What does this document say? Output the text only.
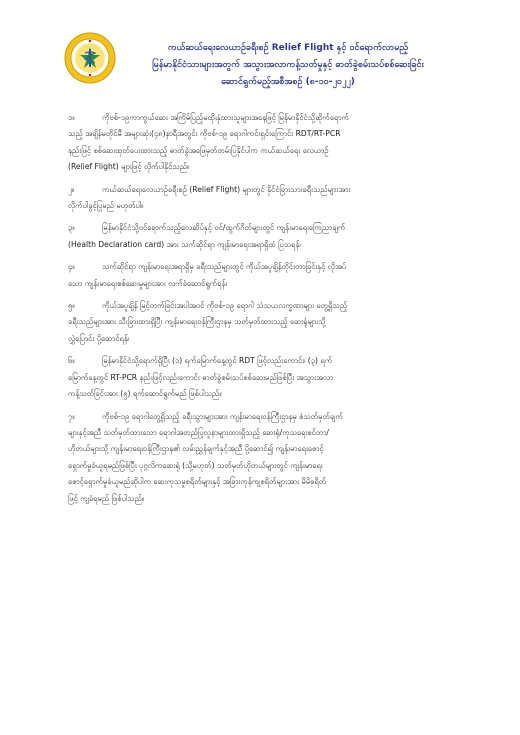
ကယ်ဆယ်ရေးလေယာဉ်ခရီးစဉ် Relief Flight နှင့် ဝင်ရောက်လာမည့်
မြန်မာနိုင်ငံသားများအတွက် အသွားအလာကန့်သတ်မှုနှင့် ဓာတ်ခွဲစမ်းသပ်စစ်ဆေးခြင်း
ဆောင်ရွက်မည့်အစီအစဉ် (၈-၁၀-၂၀၂၂)
၁။	ကိုဗစ်-၁၉ကာကွယ်ဆေး အကြိမ်ပြည့်မထိုးနှံထားသူများအနေဖြင့် မြန်မာနိုင်ငံသို့ဆိုက်ရောက်
သည့် အချိန်မတိုင်မီ အများဆုံး(၄၈)နာရီအတွင်း ကိုဗစ်-၁၉ ရောဂါကင်းရှင်းကြောင်း RDT/RT-PCR
နည်းဖြင့် စစ်ဆေးထုတ်ပေးထားသည့် ဓာတ်ခွဲအဖြေမှတ်တမ်းပြနိုင်ပါက ကယ်ဆယ်ရေး လေယာဉ်
(Relief Flight) များဖြင့် လိုက်ပါနိုင်သည်။
၂။	ကယ်ဆယ်ရေးလေယာဉ်ခရီးစဉ် (Relief Flight) များတွင် နိုင်ငံခြားသားခရီးသည်များအား
လိုက်ပါခွင့်ပြုမည် မဟုတ်ပါ။
၃။	မြန်မာနိုင်ငံသို့ဝင်ရောက်သည့်လေဆိပ်နှင့် ဝင်/ထွက်ဂိတ်များတွင် ကျန်းမာရေးကြေညာချက်
(Health Declaration card) အား သက်ဆိုင်ရာ ကျန်းမာရေးအရာရှိထံ ပြသရန်၊
၄။	သက်ဆိုင်ရာ ကျန်းမာရေးအရာရှိမှ ခရီးသည်များတွင် ကိုယ်အပူချိန်တိုင်းတာခြင်းနှင့် လိုအပ်
သော ကျန်းမာရေးစစ်ဆေးမှုများအား လက်ခံဆောင်ရွက်ရန်၊
၅။	ကိုယ်အပူချိန် မြင့်တက်ခြင်းအပါအဝင် ကိုဗစ်-၁၉ ရောဂါ သံသယလက္ခဏာများ တွေ့ရှိသည့်
ခရီးသည်များအား သီးခြားထားရှိပြီး ကျန်းမာရေးဝန်ကြီးဌာနမှ သတ်မှတ်ထားသည့် ဆေးရုံများသို့
လွှဲပြောင်း ပို့ဆောင်ရန်၊
၆။	မြန်မာနိုင်ငံသို့ရောက်ရှိပြီး (၁) ရက်မြောက်နေ့တွင် RDT ဖြင့်လည်းကောင်း၊ (၃) ရက်
မြောက်နေ့တွင် RT-PCR နည်းဖြင့်လည်းကောင်း ဓာတ်ခွဲစမ်းသပ်စစ်ဆေးမည်ဖြစ်ပြီး အသွားအလာ
ကန့်သတ်ခြင်းအား (၅) ရက်ဆောင်ရွက်မည် ဖြစ်ပါသည်။
၇။	ကိုဗစ်-၁၉ ရောဂါတွေ့ရှိသည့် ခရီးသွားများအား ကျန်းမာရေးဝန်ကြီးဌာနမှ စံသတ်မှတ်ချက်
များနှင့်အညီ သတ်မှတ်ထားသော ရောဂါအတည်ပြုလူနာများထားရှိသည့် ဆေးရုံ/ကုသရေးစင်တာ/
ဟိုတယ်များသို့ ကျန်းမာရေးဝန်ကြီးဌာန၏ လမ်းညွှန်ချက်နှင့်အညီ ပို့ဆောင်၍ ကျန်းမာရေးစောင့်
ရှောက်မှုခံယူရမည်ဖြစ်ပြီး ပုဂ္ဂလိကဆေးရုံ (သို့မဟုတ်) သတ်မှတ်ဟိုတယ်များတွင် ကျန်းမာရေး
စောင့်ရှောက်မှုခံယူမည်ဆိုပါက ဆေးကုသမှုစရိတ်များနှင့် အခြားကုန်ကျစရိတ်များအား မိမိစရိတ်
ဖြင့် ကျခံရမည် ဖြစ်ပါသည်။
